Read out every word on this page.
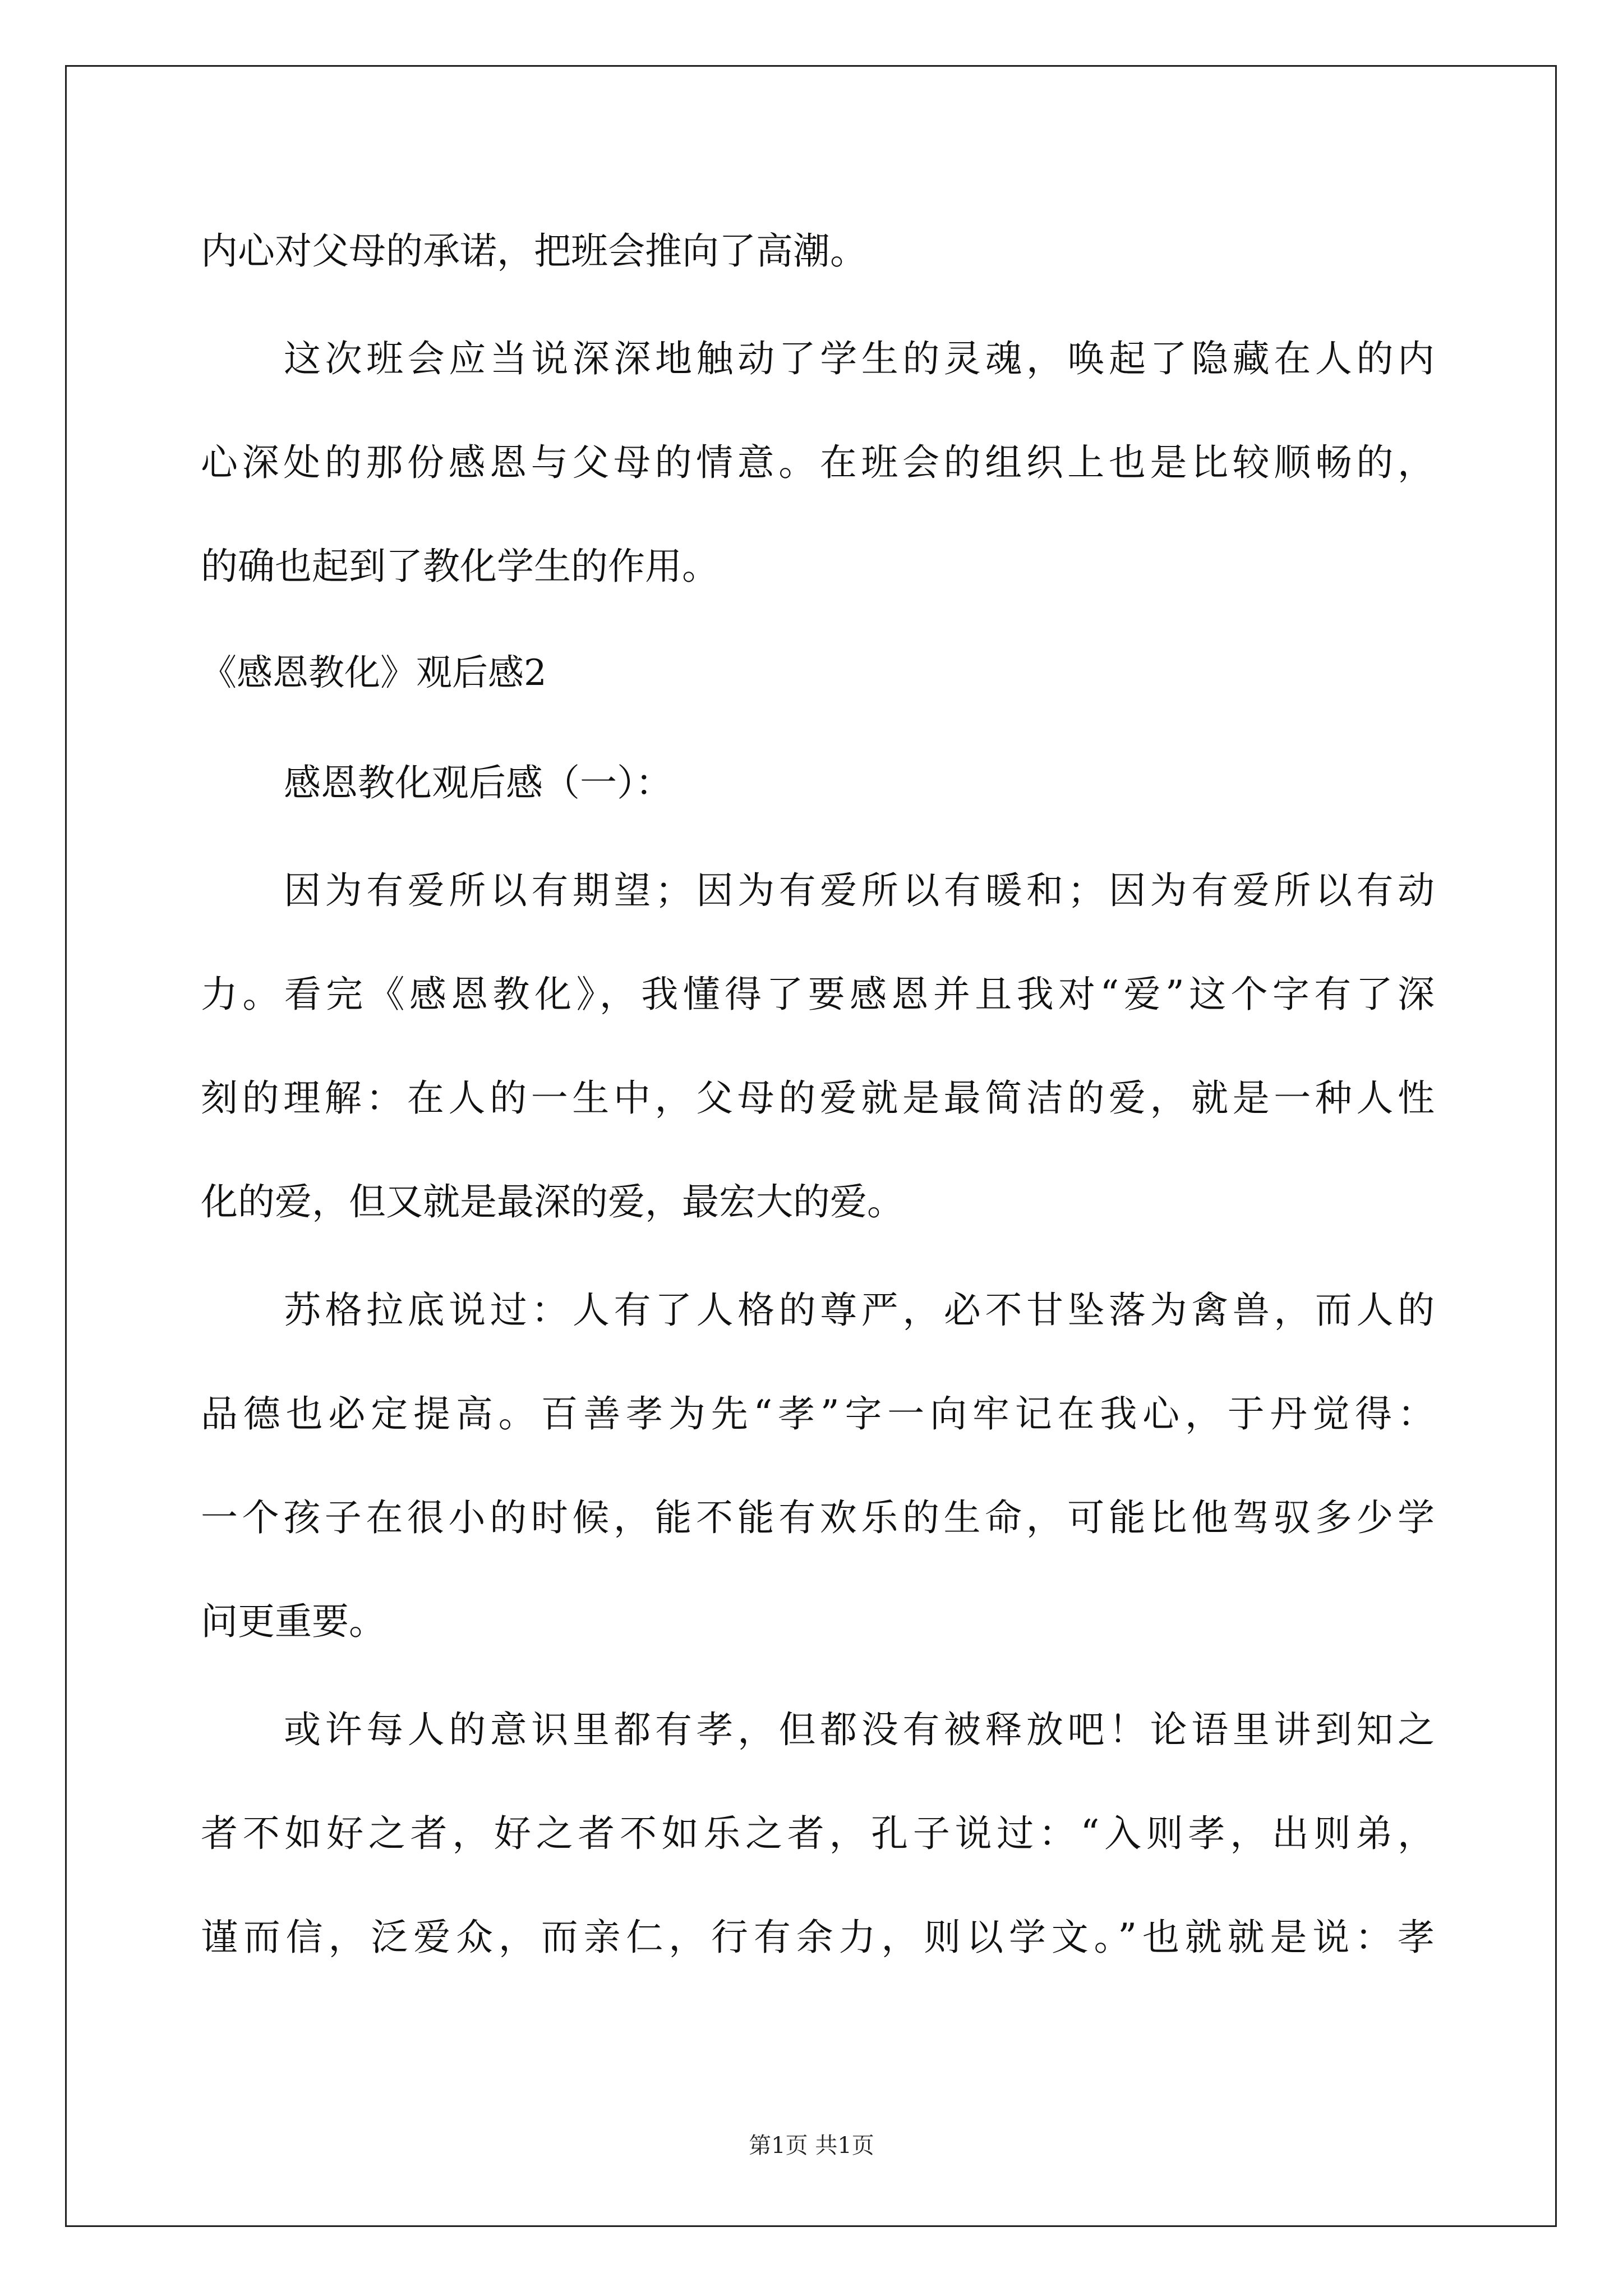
内心对父母的承诺，把班会推向了高潮。
这次班会应当说深深地触动了学生的灵魂，唤起了隐藏在人的内
心深处的那份感恩与父母的情意。在班会的组织上也是比较顺畅的，
的确也起到了教化学生的作用。
《感恩教化》观后感2
感恩教化观后感（一）：
因为有爱所以有期望；因为有爱所以有暖和；因为有爱所以有动
力。看完《感恩教化》，我懂得了要感恩并且我对“爱”这个字有了深
刻的理解：在人的一生中，父母的爱就是最简洁的爱，就是一种人性
化的爱，但又就是最深的爱，最宏大的爱。
苏格拉底说过：人有了人格的尊严，必不甘坠落为禽兽，而人的
品德也必定提高。百善孝为先“孝”字一向牢记在我心，于丹觉得：
一个孩子在很小的时候，能不能有欢乐的生命，可能比他驾驭多少学
问更重要。
或许每人的意识里都有孝，但都没有被释放吧！论语里讲到知之
者不如好之者，好之者不如乐之者，孔子说过：“入则孝，出则弟，
谨而信，泛爱众，而亲仁，行有余力，则以学文。”也就就是说：孝
第1页 共1页
